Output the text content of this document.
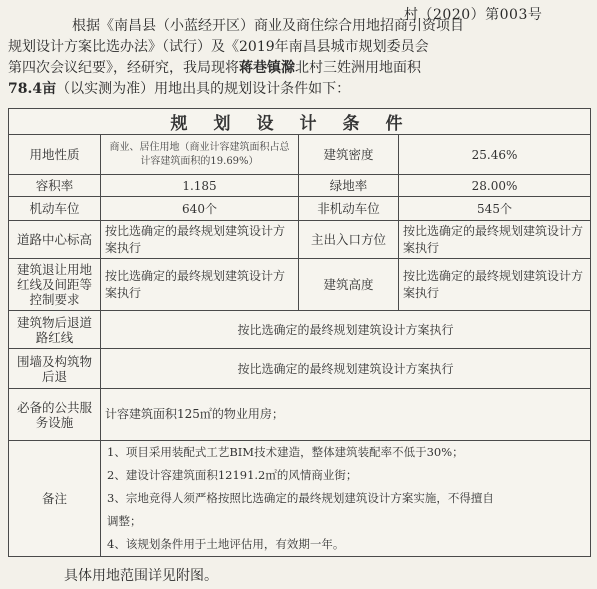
村（2020）第003号
根据《南昌县（小蓝经开区）商业及商住综合用地招商引资项目
规划设计方案比选办法》（试行）及《2019年南昌县城市规划委员会
第四次会议纪要》，经研究，我局现将蒋巷镇滁北村三姓洲用地面积
78.4亩（以实测为准）用地出具的规划设计条件如下：
规划设计条件			
用地性质	商业、居住用地（商业计容建筑面积占总计容建筑面积的19.69%）	建筑密度	25.46%
容积率	1.185	绿地率	28.00%
机动车位	640个	非机动车位	545个
道路中心标高	按比选确定的最终规划建筑设计方案执行	主出入口方位	按比选确定的最终规划建筑设计方案执行
建筑退让用地红线及间距等控制要求	按比选确定的最终规划建筑设计方案执行	建筑高度	按比选确定的最终规划建筑设计方案执行
建筑物后退道路红线	按比选确定的最终规划建筑设计方案执行		
围墙及构筑物后退	按比选确定的最终规划建筑设计方案执行		
必备的公共服务设施	计容建筑面积125㎡的物业用房；		
备注	1、项目采用装配式工艺BIM技术建造，整体建筑装配率不低于30%；
2、建设计容建筑面积12191.2㎡的风情商业街；
3、宗地竞得人须严格按照比选确定的最终规划建筑设计方案实施，不得擅自
调整；
4、该规划条件用于土地评估用，有效期一年。		
具体用地范围详见附图。
